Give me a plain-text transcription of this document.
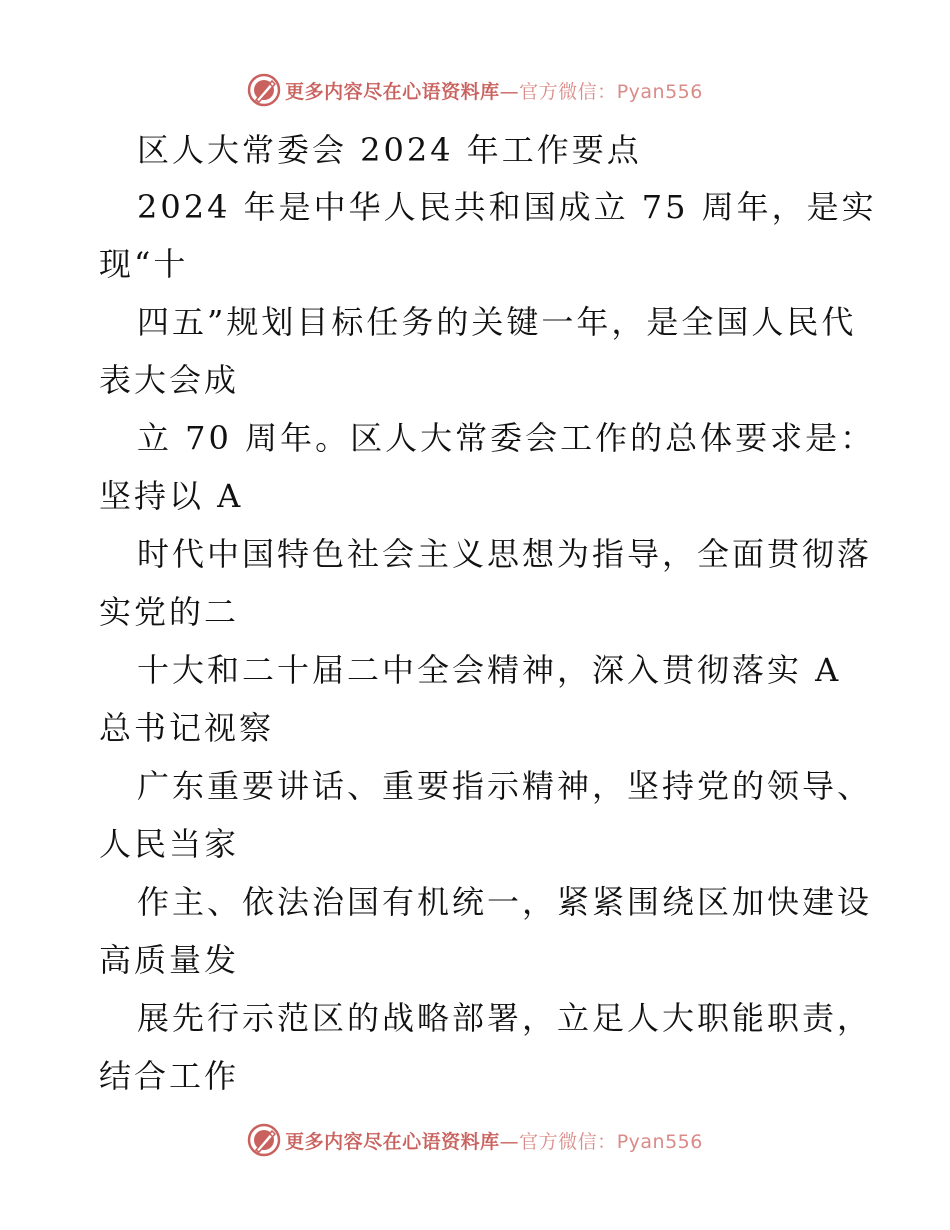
更多内容尽在心语资料库—官方微信：Pyan556
区人大常委会 2024 年工作要点
2024 年是中华人民共和国成立 75 周年，是实
现“十
四五”规划目标任务的关键一年，是全国人民代
表大会成
立 70 周年。区人大常委会工作的总体要求是：
坚持以 A
时代中国特色社会主义思想为指导，全面贯彻落
实党的二
十大和二十届二中全会精神，深入贯彻落实 A
总书记视察
广东重要讲话、重要指示精神，坚持党的领导、
人民当家
作主、依法治国有机统一，紧紧围绕区加快建设
高质量发
展先行示范区的战略部署，立足人大职能职责，
结合工作
更多内容尽在心语资料库—官方微信：Pyan556
